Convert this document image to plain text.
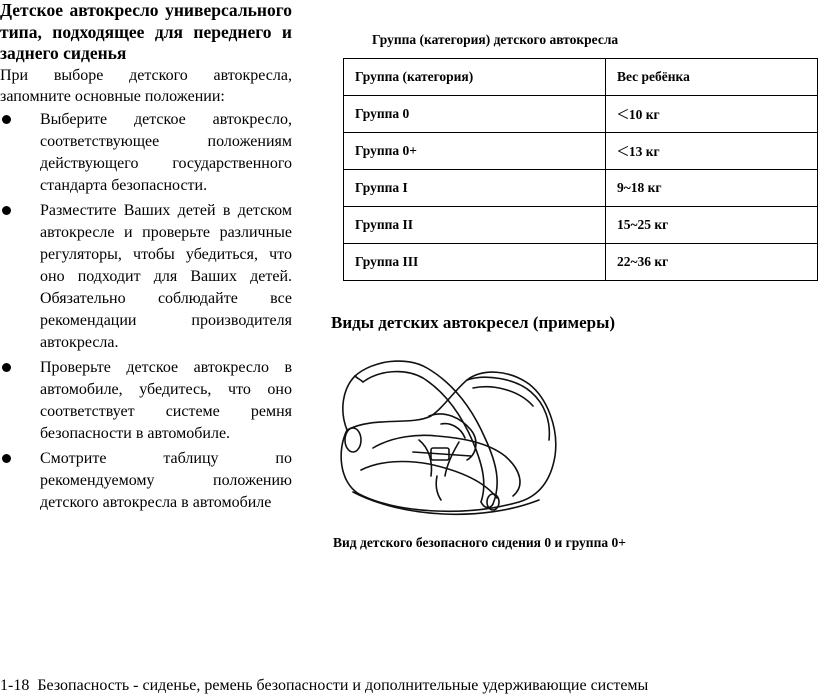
Детское автокресло универсального типа, подходящее для переднего и заднего сиденья

При выборе детского автокресла, запомните основные положении:

Выберите детское автокресло, соответствующее положениям действующего государственного стандарта безопасности.
Разместите Ваших детей в детском автокресле и проверьте различные регуляторы, чтобы убедиться, что оно подходит для Ваших детей. Обязательно соблюдайте все рекомендации производителя автокресла.
Проверьте детское автокресло в автомобиле, убедитесь, что оно соответствует системе ремня безопасности в автомобиле.
Смотрите таблицу по рекомендуемому положению детского автокресла в автомобиле
Группа (категория) детского автокресла
Группа (категория)	Вес ребёнка
Группа 0	<10 кг
Группа 0+	<13 кг
Группа I	9~18 кг
Группа II	15~25 кг
Группа III	22~36 кг
Виды детских автокресел (примеры)
Вид детского безопасного сидения 0 и группа 0+
1-18 Безопасность - сиденье, ремень безопасности и дополнительные удерживающие системы
